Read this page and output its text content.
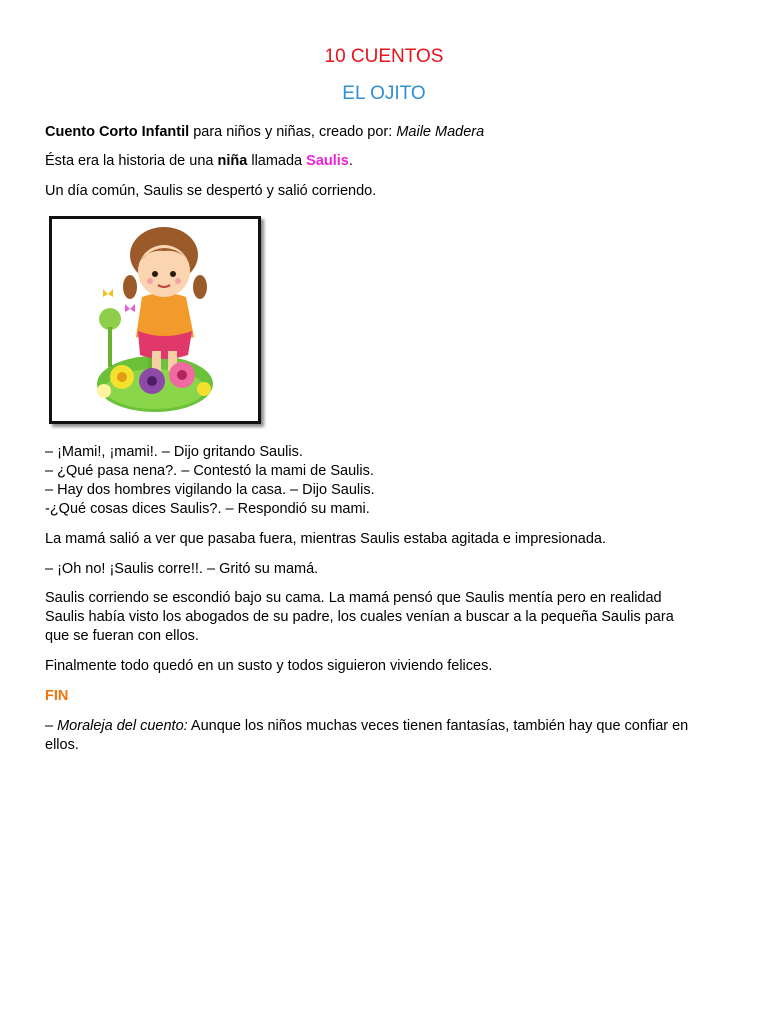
10 CUENTOS
EL OJITO
Cuento Corto Infantil para niños y niñas, creado por: Maile Madera
Ésta era la historia de una niña llamada Saulis.
Un día común, Saulis se despertó y salió corriendo.
– ¡Mami!, ¡mami!. – Dijo gritando Saulis.
– ¿Qué pasa nena?. – Contestó la mami de Saulis.
– Hay dos hombres vigilando la casa. – Dijo Saulis.
-¿Qué cosas dices Saulis?. – Respondió su mami.
La mamá salió a ver que pasaba fuera, mientras Saulis estaba agitada e impresionada.
– ¡Oh no! ¡Saulis corre!!. – Gritó su mamá.
Saulis corriendo se escondió bajo su cama. La mamá pensó que Saulis mentía pero en realidad
Saulis había visto los abogados de su padre, los cuales venían a buscar a la pequeña Saulis para
que se fueran con ellos.
Finalmente todo quedó en un susto y todos siguieron viviendo felices.
FIN
– Moraleja del cuento: Aunque los niños muchas veces tienen fantasías, también hay que confiar en
ellos.
